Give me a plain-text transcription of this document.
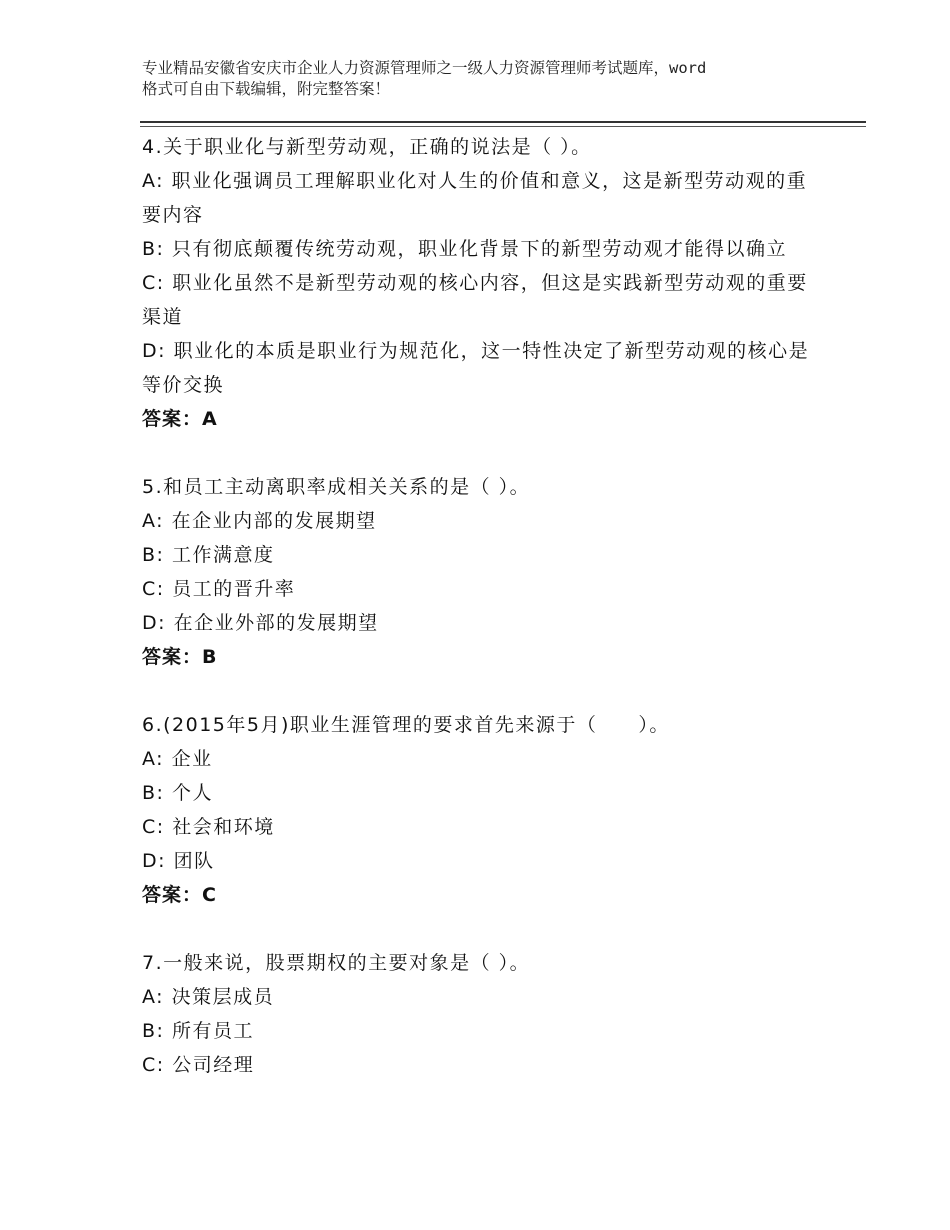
专业精品安徽省安庆市企业人力资源管理师之一级人力资源管理师考试题库，word
格式可自由下载编辑，附完整答案！
4.关于职业化与新型劳动观，正确的说法是（ ）。
A: 职业化强调员工理解职业化对人生的价值和意义，这是新型劳动观的重要内容
B: 只有彻底颠覆传统劳动观，职业化背景下的新型劳动观才能得以确立
C: 职业化虽然不是新型劳动观的核心内容，但这是实践新型劳动观的重要渠道
D: 职业化的本质是职业行为规范化，这一特性决定了新型劳动观的核心是等价交换
答案：A
5.和员工主动离职率成相关关系的是（ ）。
A: 在企业内部的发展期望
B: 工作满意度
C: 员工的晋升率
D: 在企业外部的发展期望
答案：B
6.(2015年5月)职业生涯管理的要求首先来源于（　　）。
A: 企业
B: 个人
C: 社会和环境
D: 团队
答案：C
7.一般来说，股票期权的主要对象是（ ）。
A: 决策层成员
B: 所有员工
C: 公司经理
